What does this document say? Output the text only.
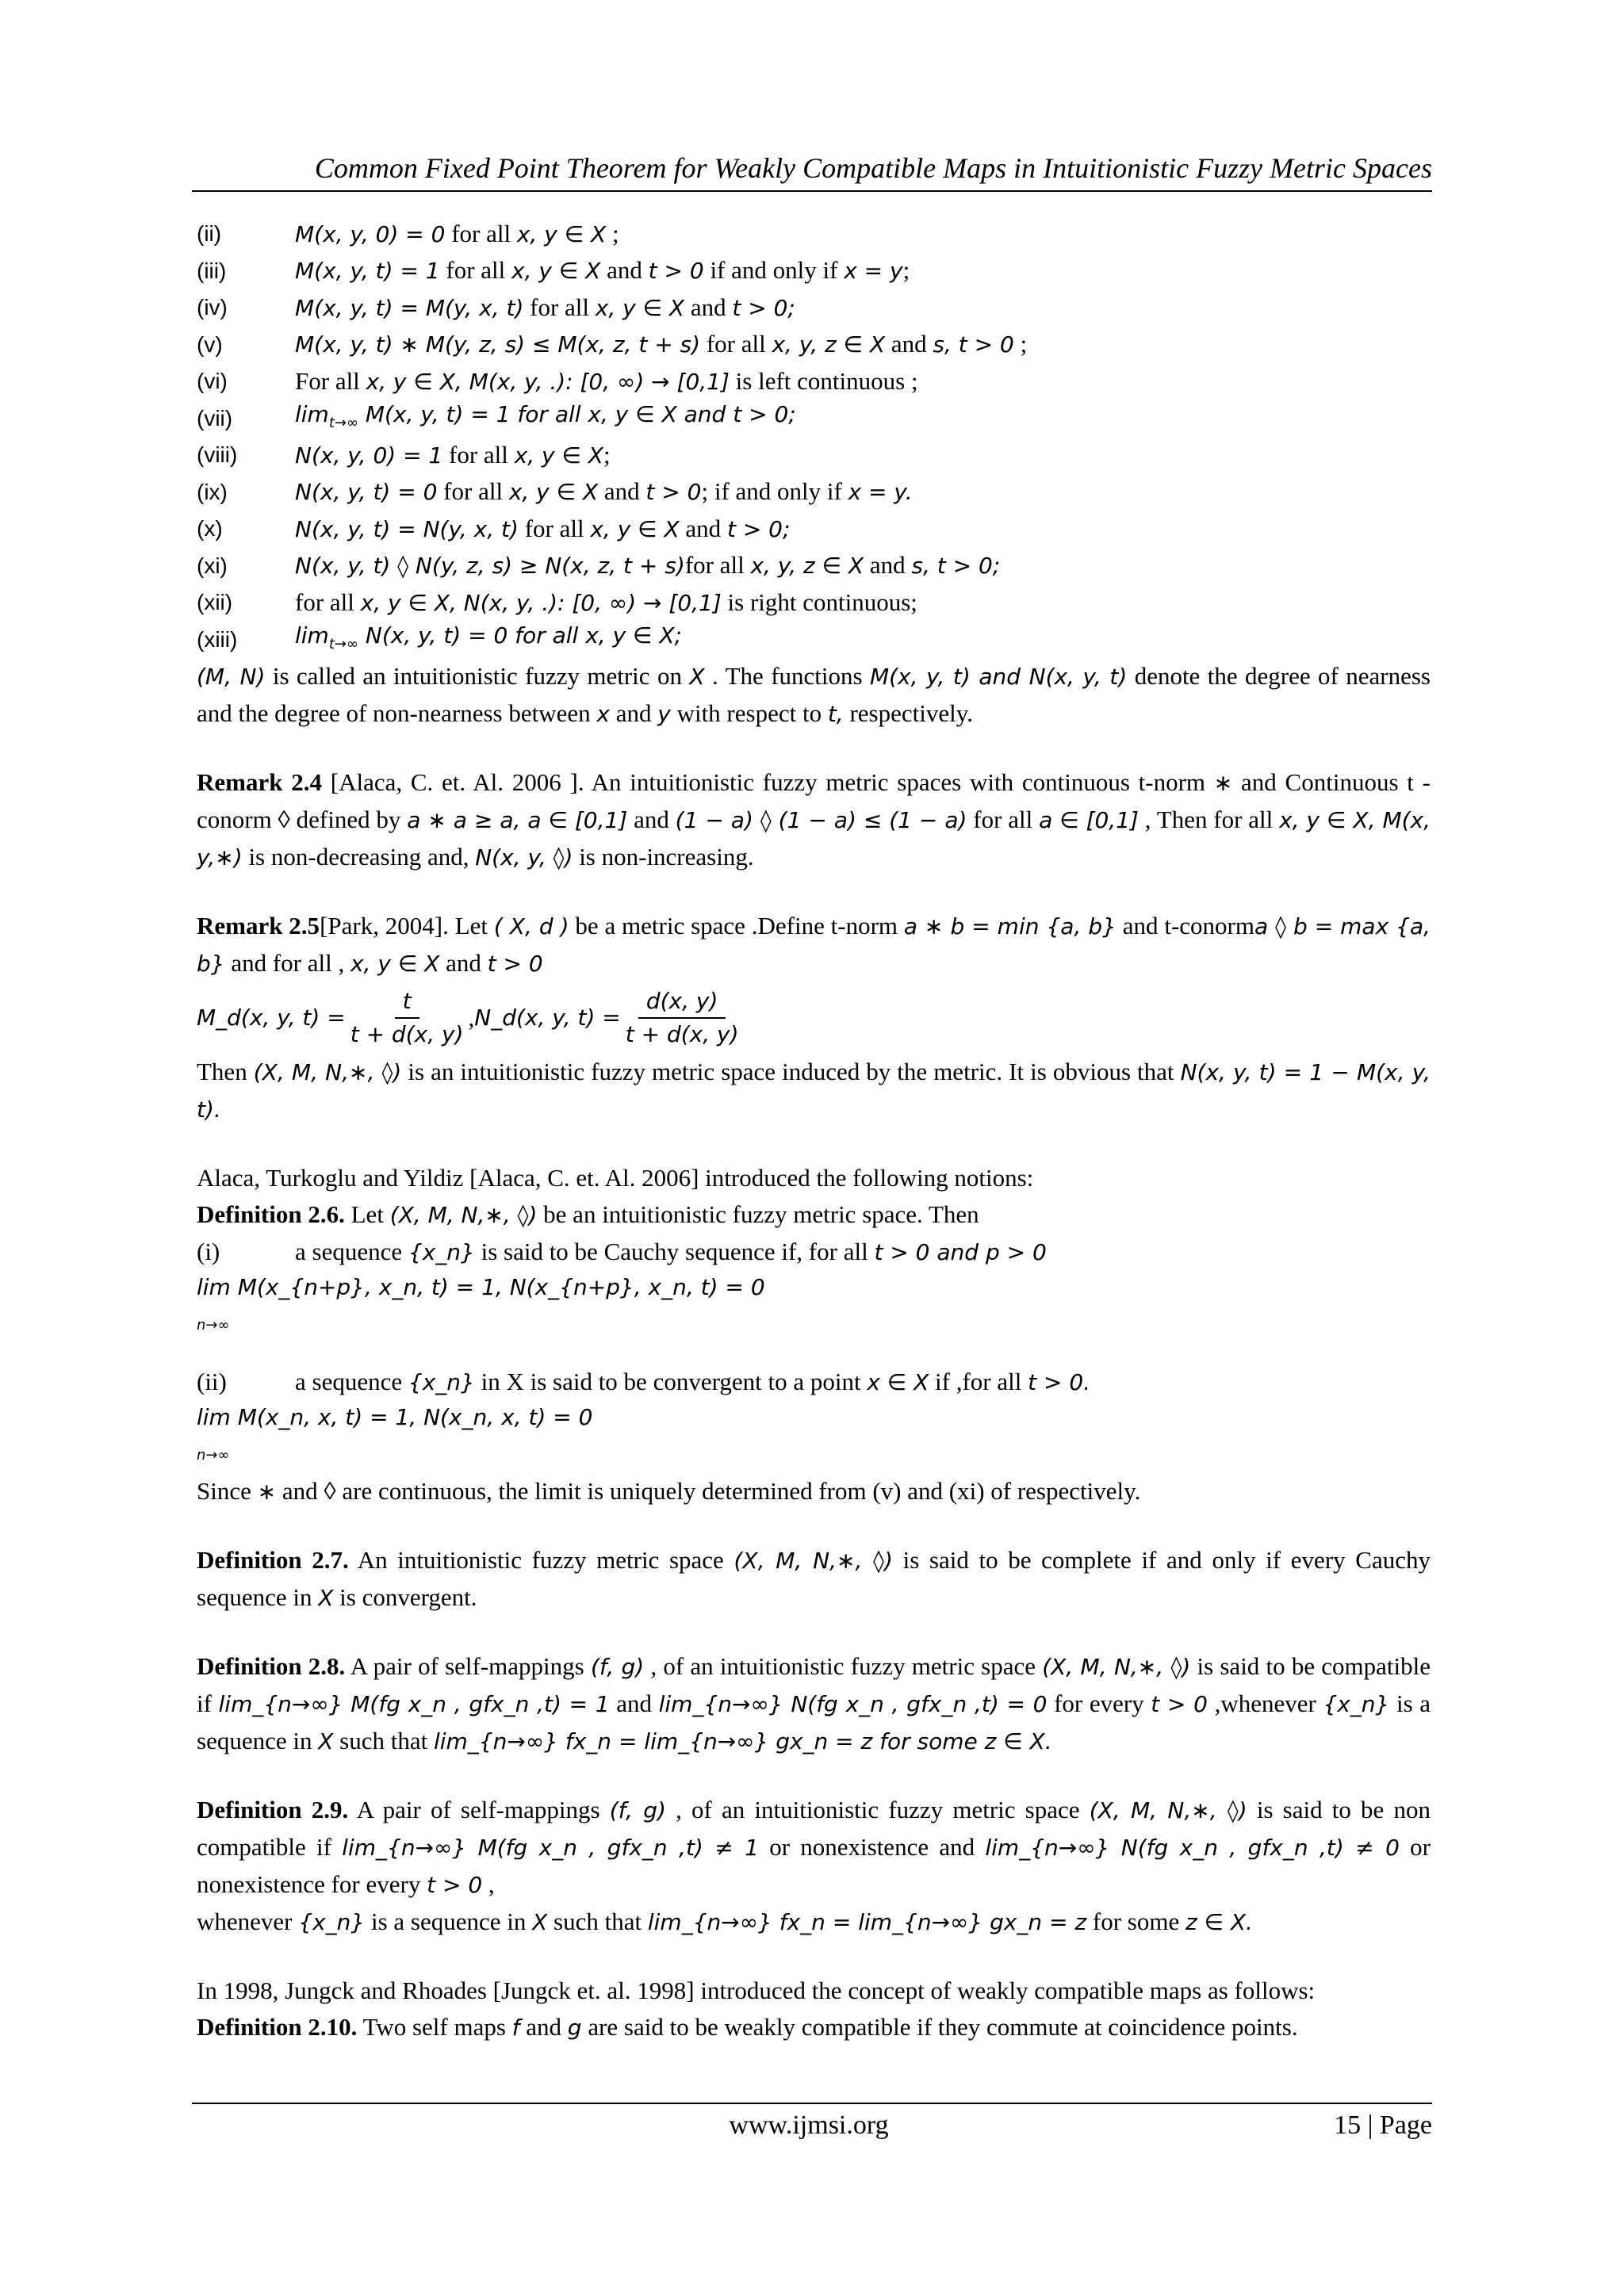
Common Fixed Point Theorem for Weakly Compatible Maps in Intuitionistic Fuzzy Metric Spaces
(ii)	M(x, y, 0) = 0 for all x, y ∈ X ;
(iii)	M(x, y, t) = 1 for all x, y ∈ X and t > 0 if and only if x = y;
(iv)	M(x, y, t) = M(y, x, t) for all x, y ∈ X and t > 0;
(v)	M(x, y, t) ∗ M(y, z, s) ≤ M(x, z, t + s) for all x, y, z ∈ X and s, t > 0 ;
(vi)	For all x, y ∈ X, M(x, y, .): [0, ∞) → [0,1] is left continuous ;
(vii)	$\lim_{t\to\infty} M(x$, y, t) = 1 for all x, y ∈ X and t > 0;
(viii)	N(x, y, 0) = 1 for all x, y ∈ X;
(ix)	N(x, y, t) = 0 for all x, y ∈ X and t > 0; if and only if x = y.
(x)	N(x, y, t) = N(y, x, t) for all x, y ∈ X and t > 0;
(xi)	N(x, y, t) ◊ N(y, z, s) ≥ N(x, z, t + s)for all x, y, z ∈ X and s, t > 0;
(xii)	for all x, y ∈ X, N(x, y, .): [0, ∞) → [0,1] is right continuous;
(xiii)	$\lim_{t\to\infty} N(x$, y, t) = 0 for all x, y ∈ X;

(M, N) is called an intuitionistic fuzzy metric on X . The functions M(x, y, t) and N(x, y, t) denote the degree of nearness and the degree of non-nearness between x and y with respect to t, respectively.

Remark 2.4 [Alaca, C. et. Al. 2006 ]. An intuitionistic fuzzy metric spaces with continuous t-norm ∗ and Continuous t -conorm ◊ defined by a ∗ a ≥ a, a ∈ [0,1] and (1 − a) ◊ (1 − a) ≤ (1 − a) for all a ∈ [0,1] , Then for all x, y ∈ X, M(x, y,∗) is non-decreasing and, N(x, y, ◊) is non-increasing.

Remark 2.5[Park, 2004]. Let ( X, d ) be a metric space .Define t-norm a ∗ b = min {a, b} and t-conorma ◊ b = max {a, b} and for all , x, y ∈ X and t > 0

M_d(x, y, $t) = \frac{t}{t + d(x, y)}$ , N_d(x, y, $t) = \frac{d(x, y)}{t + d(x, y)}$

Then (X, M, N,∗, ◊) is an intuitionistic fuzzy metric space induced by the metric. It is obvious that N(x, y, t) = 1 − M(x, y, t).

Alaca, Turkoglu and Yildiz [Alaca, C. et. Al. 2006] introduced the following notions:

Definition 2.6. Let (X, M, N,∗, ◊) be an intuitionistic fuzzy metric space. Then

(i)	a sequence {x_n} is said to be Cauchy sequence if, for all t > 0 and p > 0
lim M(x_{n+p}, x_n, t) = 1, N(x_{n+p}, x_n, t) = 0
n→∞
(ii)	a sequence {x_n} in X is said to be convergent to a point x ∈ X if ,for all t > 0.
lim M(x_n, x, t) = 1, N(x_n, x, t) = 0
n→∞

Since ∗ and ◊ are continuous, the limit is uniquely determined from (v) and (xi) of respectively.

Definition 2.7. An intuitionistic fuzzy metric space (X, M, N,∗, ◊) is said to be complete if and only if every Cauchy sequence in X is convergent.

Definition 2.8. A pair of self-mappings (f, g) , of an intuitionistic fuzzy metric space (X, M, N,∗, ◊) is said to be compatible if lim_{n→∞} M(fg x_n , gfx_n ,t) = 1 and lim_{n→∞} N(fg x_n , gfx_n ,t) = 0 for every t > 0 ,whenever {x_n} is a sequence in X such that lim_{n→∞} fx_n = lim_{n→∞} gx_n = z for some z ∈ X.

Definition 2.9. A pair of self-mappings (f, g) , of an intuitionistic fuzzy metric space (X, M, N,∗, ◊) is said to be non compatible if lim_{n→∞} M(fg x_n , gfx_n ,t) ≠ 1 or nonexistence and lim_{n→∞} N(fg x_n , gfx_n ,t) ≠ 0 or nonexistence for every t > 0 ,

whenever {x_n} is a sequence in X such that lim_{n→∞} fx_n = lim_{n→∞} gx_n = z for some z ∈ X.

In 1998, Jungck and Rhoades [Jungck et. al. 1998] introduced the concept of weakly compatible maps as follows:

Definition 2.10. Two self maps f and g are said to be weakly compatible if they commute at coincidence points.

www.ijmsi.org	15 | Page
